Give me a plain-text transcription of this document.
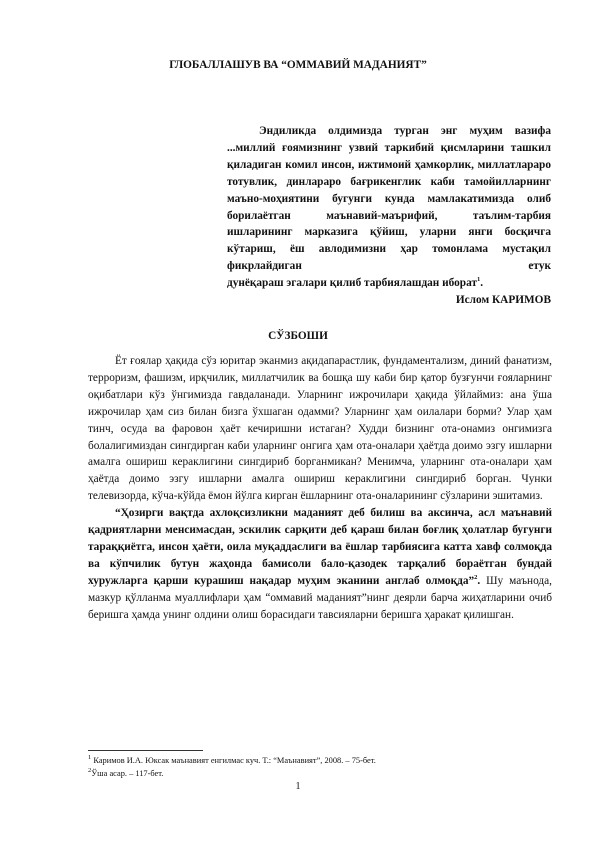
ГЛОБАЛЛАШУВ ВА “ОММАВИЙ МАДАНИЯТ”
Эндиликда олдимизда турган энг муҳим вазифа ...миллий ғоямизнинг узвий таркибий қисмларини ташкил қиладиган комил инсон, ижтимоий ҳамкорлик, миллатлараро тотувлик, динлараро бағрикенглик каби тамойилларнинг маъно-моҳиятини бугунги кунда мамлакатимизда олиб борилаётган маънавий-маърифий, таълим-тарбия ишларининг марказига қўйиш, уларни янги босқичга кўтариш, ёш авлодимизни ҳар томонлама мустақил фикрлайдиган етук
дунёқараш эгалари қилиб тарбиялашдан иборат$^1$.
Ислом КАРИМОВ
СЎЗБОШИ

Ёт ғоялар ҳақида сўз юритар эканмиз ақидапарастлик, фундаментализм, диний фанатизм, терроризм, фашизм, ирқчилик, миллатчилик ва бошқа шу каби бир қатор бузғунчи ғояларнинг оқибатлари кўз ўнгимизда гавдаланади. Уларнинг ижрочилари ҳақида ўйлаймиз: ана ўша ижрочилар ҳам сиз билан бизга ўхшаган одамми? Уларнинг ҳам оилалари борми? Улар ҳам тинч, осуда ва фаровон ҳаёт кечиришни истаган? Худди бизнинг ота-онамиз онгимизга болалигимиздан сингдирган каби уларнинг онгига ҳам ота-оналари ҳаётда доимо эзгу ишларни амалга ошириш кераклигини сингдириб борганмикан? Менимча, уларнинг ота-оналари ҳам ҳаётда доимо эзгу ишларни амалга ошириш кераклигини сингдириб борган. Чунки телевизорда, кўча-кўйда ёмон йўлга кирган ёшларнинг ота-оналарининг сўзларини эшитамиз.

“Ҳозирги вақтда ахлоқсизликни маданият деб билиш ва аксинча, асл маънавий қадриятларни менсимасдан, эскилик сарқити деб қараш билан боғлиқ ҳолатлар бугунги тараққиётга, инсон ҳаёти, оила муқаддаслиги ва ёшлар тарбиясига катта хавф солмоқда ва кўпчилик бутун жаҳонда бамисоли бало-қазодек тарқалиб бораётган бундай хуружларга қарши курашиш нақадар муҳим эканини англаб олмоқда”$^2$. Шу маънода, мазкур қўлланма муаллифлари ҳам “оммавий маданият”нинг деярли барча жиҳатларини очиб беришга ҳамда унинг олдини олиш борасидаги тавсияларни беришга ҳаракат қилишган.

$^1$ Каримов И.А. Юксак маънавият енгилмас куч. Т.: “Маънавият”, 2008. – 75-бет.
$^2$Ўша асар. – 117-бет.
1
